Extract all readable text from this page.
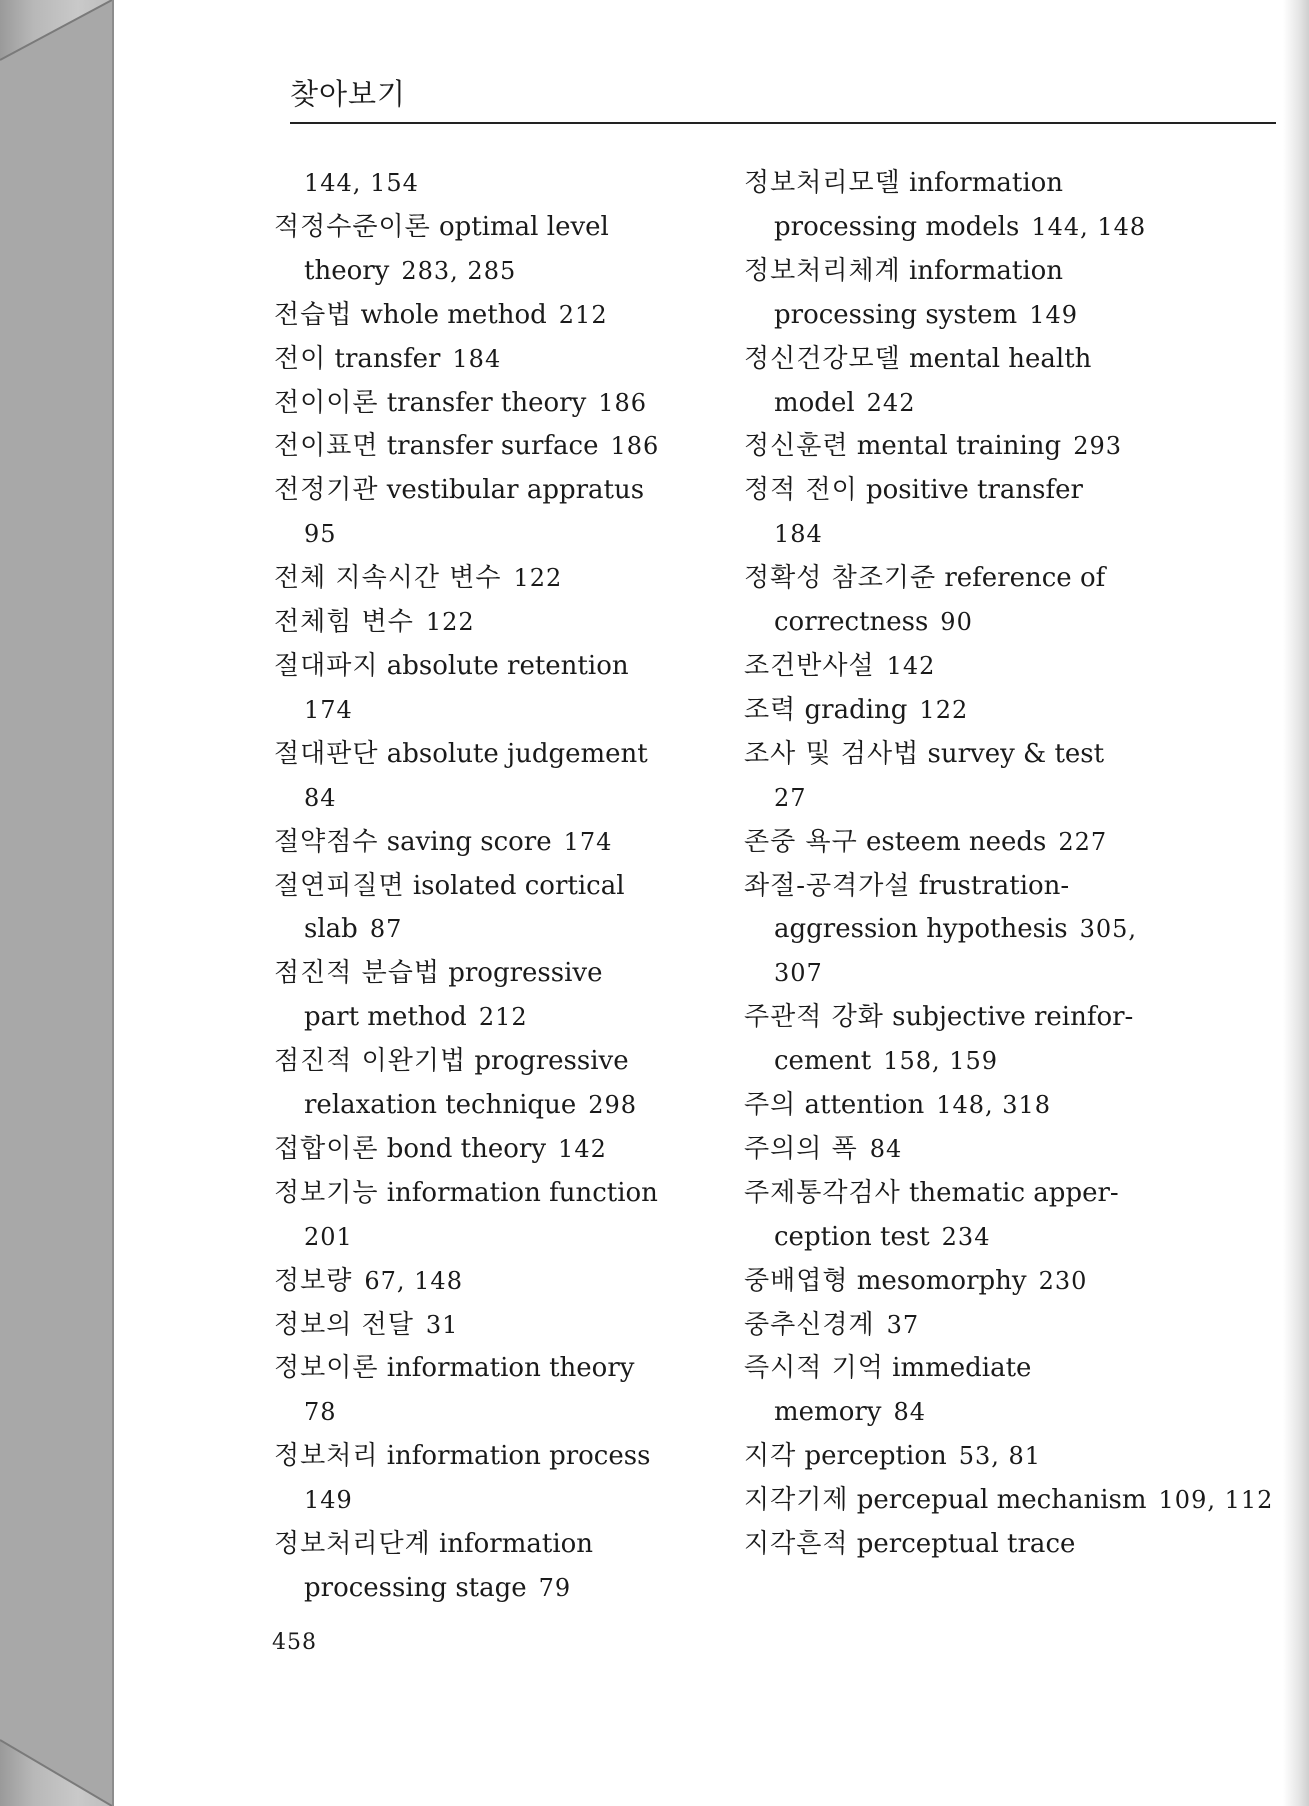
찾아보기
144, 154
적정수준이론 optimal level
theory 283, 285
전습법 whole method 212
전이 transfer 184
전이이론 transfer theory 186
전이표면 transfer surface 186
전정기관 vestibular appratus
95
전체 지속시간 변수 122
전체힘 변수 122
절대파지 absolute retention
174
절대판단 absolute judgement
84
절약점수 saving score 174
절연피질면 isolated cortical
slab 87
점진적 분습법 progressive
part method 212
점진적 이완기법 progressive
relaxation technique 298
접합이론 bond theory 142
정보기능 information function
201
정보량 67, 148
정보의 전달 31
정보이론 information theory
78
정보처리 information process
149
정보처리단계 information
processing stage 79
정보처리모델 information
processing models 144, 148
정보처리체계 information
processing system 149
정신건강모델 mental health
model 242
정신훈련 mental training 293
정적 전이 positive transfer
184
정확성 참조기준 reference of
correctness 90
조건반사설 142
조력 grading 122
조사 및 검사법 survey & test
27
존중 욕구 esteem needs 227
좌절-공격가설 frustration-
aggression hypothesis 305,
307
주관적 강화 subjective reinfor-
cement 158, 159
주의 attention 148, 318
주의의 폭 84
주제통각검사 thematic apper-
ception test 234
중배엽형 mesomorphy 230
중추신경계 37
즉시적 기억 immediate
memory 84
지각 perception 53, 81
지각기제 percepual mechanism 109, 112
지각흔적 perceptual trace
458
